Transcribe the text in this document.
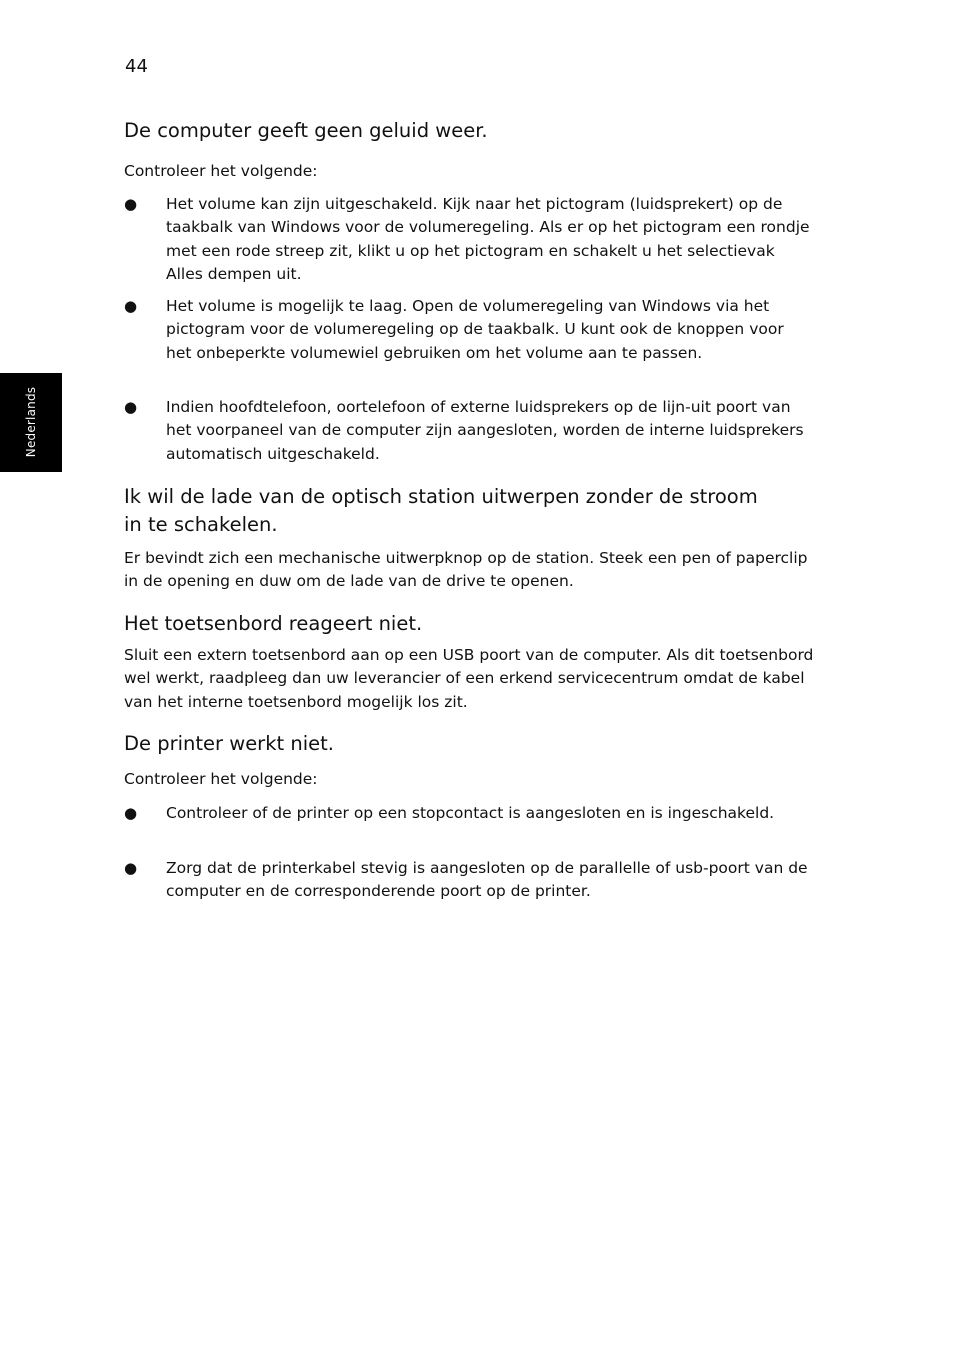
44
Nederlands
De computer geeft geen geluid weer.

Controleer het volgende:

● Het volume kan zijn uitgeschakeld. Kijk naar het pictogram (luidsprekert) op de taakbalk van Windows voor de volumeregeling. Als er op het pictogram een rondje met een rode streep zit, klikt u op het pictogram en schakelt u het selectievak Alles dempen uit.
● Het volume is mogelijk te laag. Open de volumeregeling van Windows via het pictogram voor de volumeregeling op de taakbalk. U kunt ook de knoppen voor het onbeperkte volumewiel gebruiken om het volume aan te passen.
● Indien hoofdtelefoon, oortelefoon of externe luidsprekers op de lijn-uit poort van het voorpaneel van de computer zijn aangesloten, worden de interne luidsprekers automatisch uitgeschakeld.
Ik wil de lade van de optisch station uitwerpen zonder de stroom in te schakelen.

Er bevindt zich een mechanische uitwerpknop op de station. Steek een pen of paperclip in de opening en duw om de lade van de drive te openen.

Het toetsenbord reageert niet.

Sluit een extern toetsenbord aan op een USB poort van de computer. Als dit toetsenbord wel werkt, raadpleeg dan uw leverancier of een erkend servicecentrum omdat de kabel van het interne toetsenbord mogelijk los zit.

De printer werkt niet.

Controleer het volgende:

● Controleer of de printer op een stopcontact is aangesloten en is ingeschakeld.
● Zorg dat de printerkabel stevig is aangesloten op de parallelle of usb-poort van de computer en de corresponderende poort op de printer.
